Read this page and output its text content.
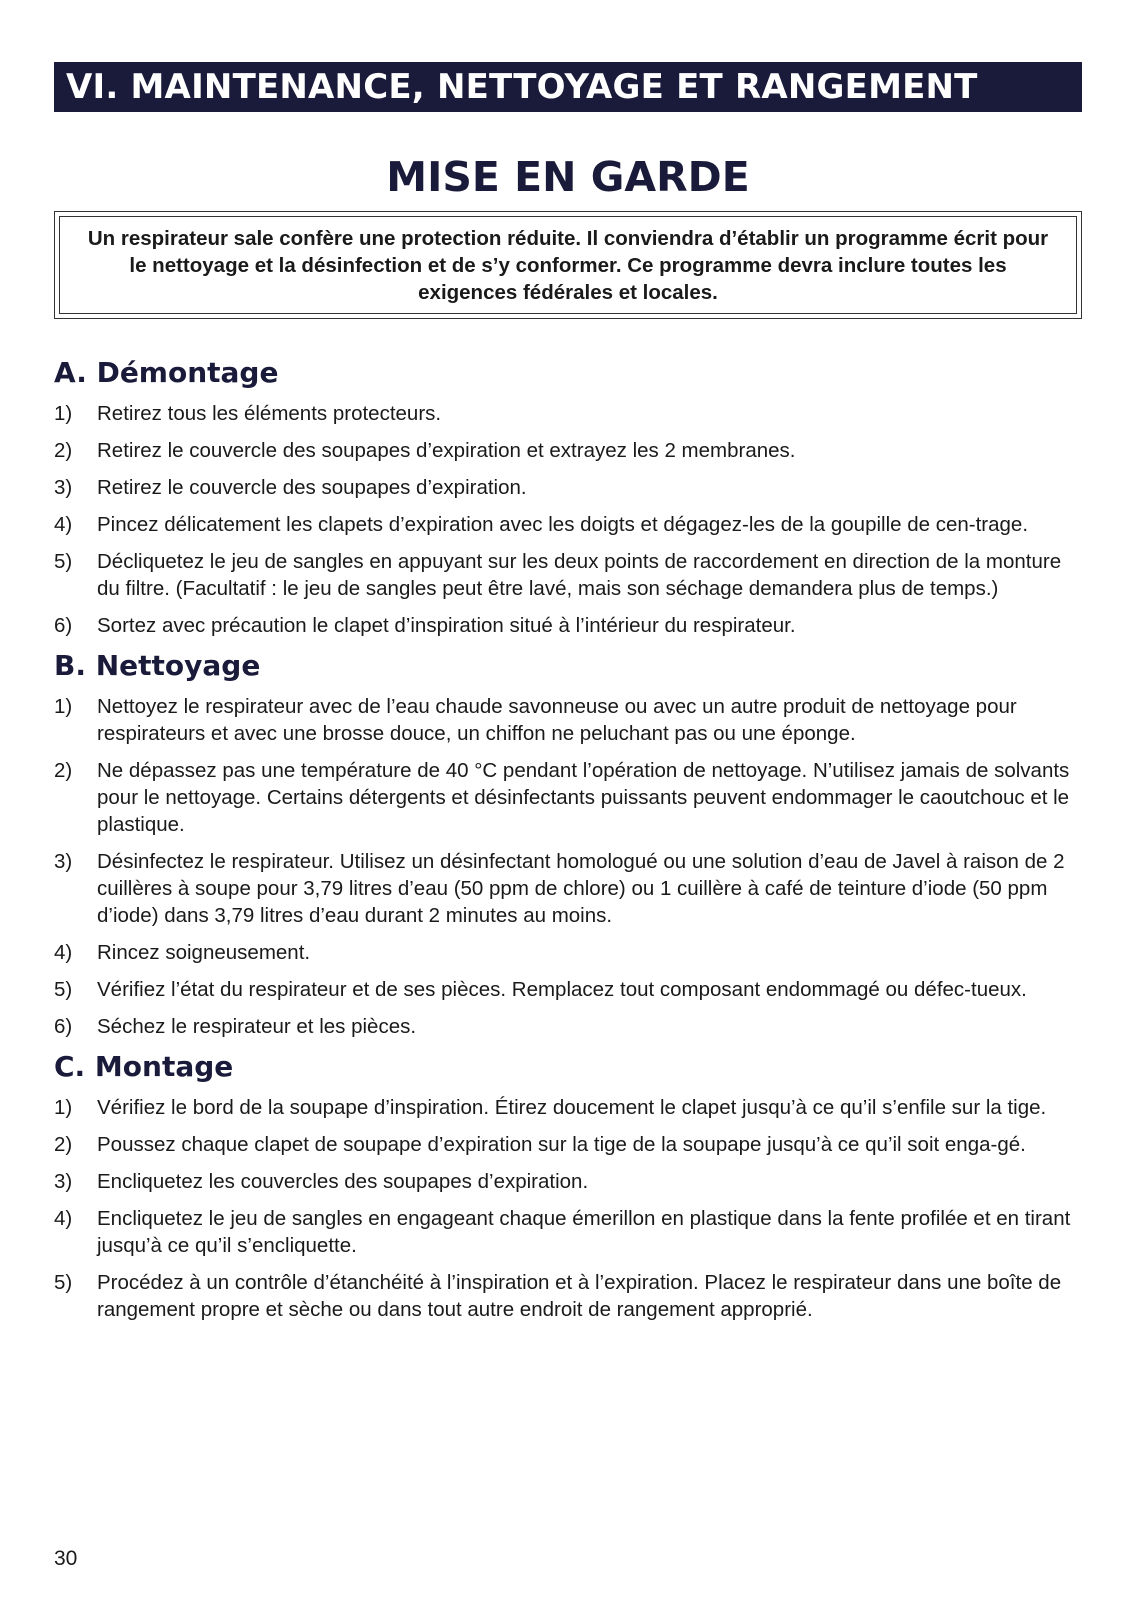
VI. MAINTENANCE, NETTOYAGE ET RANGEMENT
MISE EN GARDE
Un respirateur sale confère une protection réduite. Il conviendra d’établir un programme écrit pour le nettoyage et la désinfection et de s’y conformer. Ce programme devra inclure toutes les exigences fédérales et locales.
A. Démontage
1) Retirez tous les éléments protecteurs.
2) Retirez le couvercle des soupapes d’expiration et extrayez les 2 membranes.
3) Retirez le couvercle des soupapes d’expiration.
4) Pincez délicatement les clapets d’expiration avec les doigts et dégagez-les de la goupille de cen-trage.
5) Décliquetez le jeu de sangles en appuyant sur les deux points de raccordement en direction de la monture du filtre. (Facultatif : le jeu de sangles peut être lavé, mais son séchage demandera plus de temps.)
6) Sortez avec précaution le clapet d’inspiration situé à l’intérieur du respirateur.
B. Nettoyage
1) Nettoyez le respirateur avec de l’eau chaude savonneuse ou avec un autre produit de nettoyage pour respirateurs et avec une brosse douce, un chiffon ne peluchant pas ou une éponge.
2) Ne dépassez pas une température de 40 °C pendant l’opération de nettoyage. N’utilisez jamais de solvants pour le nettoyage. Certains détergents et désinfectants puissants peuvent endommager le caoutchouc et le plastique.
3) Désinfectez le respirateur. Utilisez un désinfectant homologué ou une solution d’eau de Javel à raison de 2 cuillères à soupe pour 3,79 litres d’eau (50 ppm de chlore) ou 1 cuillère à café de teinture d’iode (50 ppm d’iode) dans 3,79 litres d’eau durant 2 minutes au moins.
4) Rincez soigneusement.
5) Vérifiez l’état du respirateur et de ses pièces. Remplacez tout composant endommagé ou défec-tueux.
6) Séchez le respirateur et les pièces.
C. Montage
1) Vérifiez le bord de la soupape d’inspiration. Étirez doucement le clapet jusqu’à ce qu’il s’enfile sur la tige.
2) Poussez chaque clapet de soupape d’expiration sur la tige de la soupape jusqu’à ce qu’il soit enga-gé.
3) Encliquetez les couvercles des soupapes d’expiration.
4) Encliquetez le jeu de sangles en engageant chaque émerillon en plastique dans la fente profilée et en tirant jusqu’à ce qu’il s’encliquette.
5) Procédez à un contrôle d’étanchéité à l’inspiration et à l’expiration. Placez le respirateur dans une boîte de rangement propre et sèche ou dans tout autre endroit de rangement approprié.
30
